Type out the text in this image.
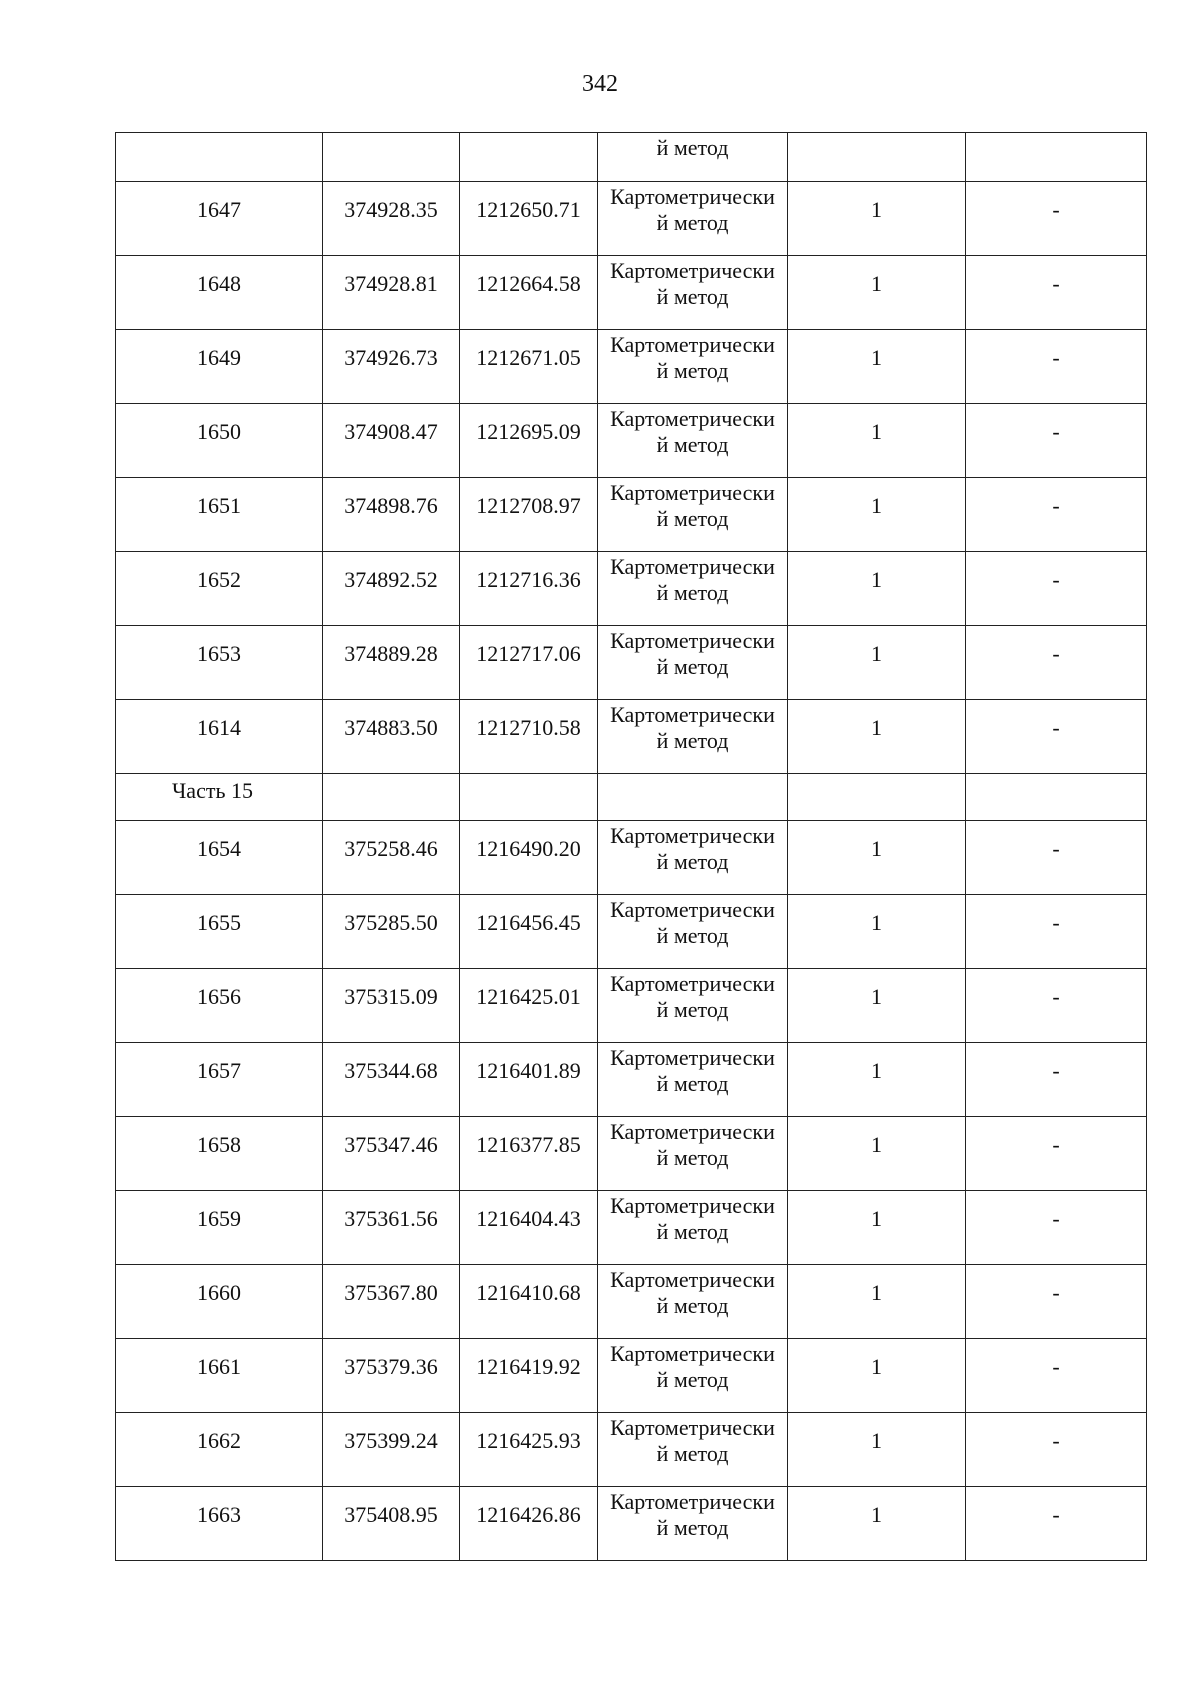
342

			й метод		

1647	374928.35	1212650.71	Картометрически
й метод	1	-

1648	374928.81	1212664.58	Картометрически
й метод	1	-

1649	374926.73	1212671.05	Картометрически
й метод	1	-

1650	374908.47	1212695.09	Картометрически
й метод	1	-

1651	374898.76	1212708.97	Картометрически
й метод	1	-

1652	374892.52	1212716.36	Картометрически
й метод	1	-

1653	374889.28	1212717.06	Картометрически
й метод	1	-

1614	374883.50	1212710.58	Картометрически
й метод	1	-

Часть 15					

1654	375258.46	1216490.20	Картометрически
й метод	1	-

1655	375285.50	1216456.45	Картометрически
й метод	1	-

1656	375315.09	1216425.01	Картометрически
й метод	1	-

1657	375344.68	1216401.89	Картометрически
й метод	1	-

1658	375347.46	1216377.85	Картометрически
й метод	1	-

1659	375361.56	1216404.43	Картометрически
й метод	1	-

1660	375367.80	1216410.68	Картометрически
й метод	1	-

1661	375379.36	1216419.92	Картометрически
й метод	1	-

1662	375399.24	1216425.93	Картометрически
й метод	1	-

1663	375408.95	1216426.86	Картометрически
й метод	1	-
